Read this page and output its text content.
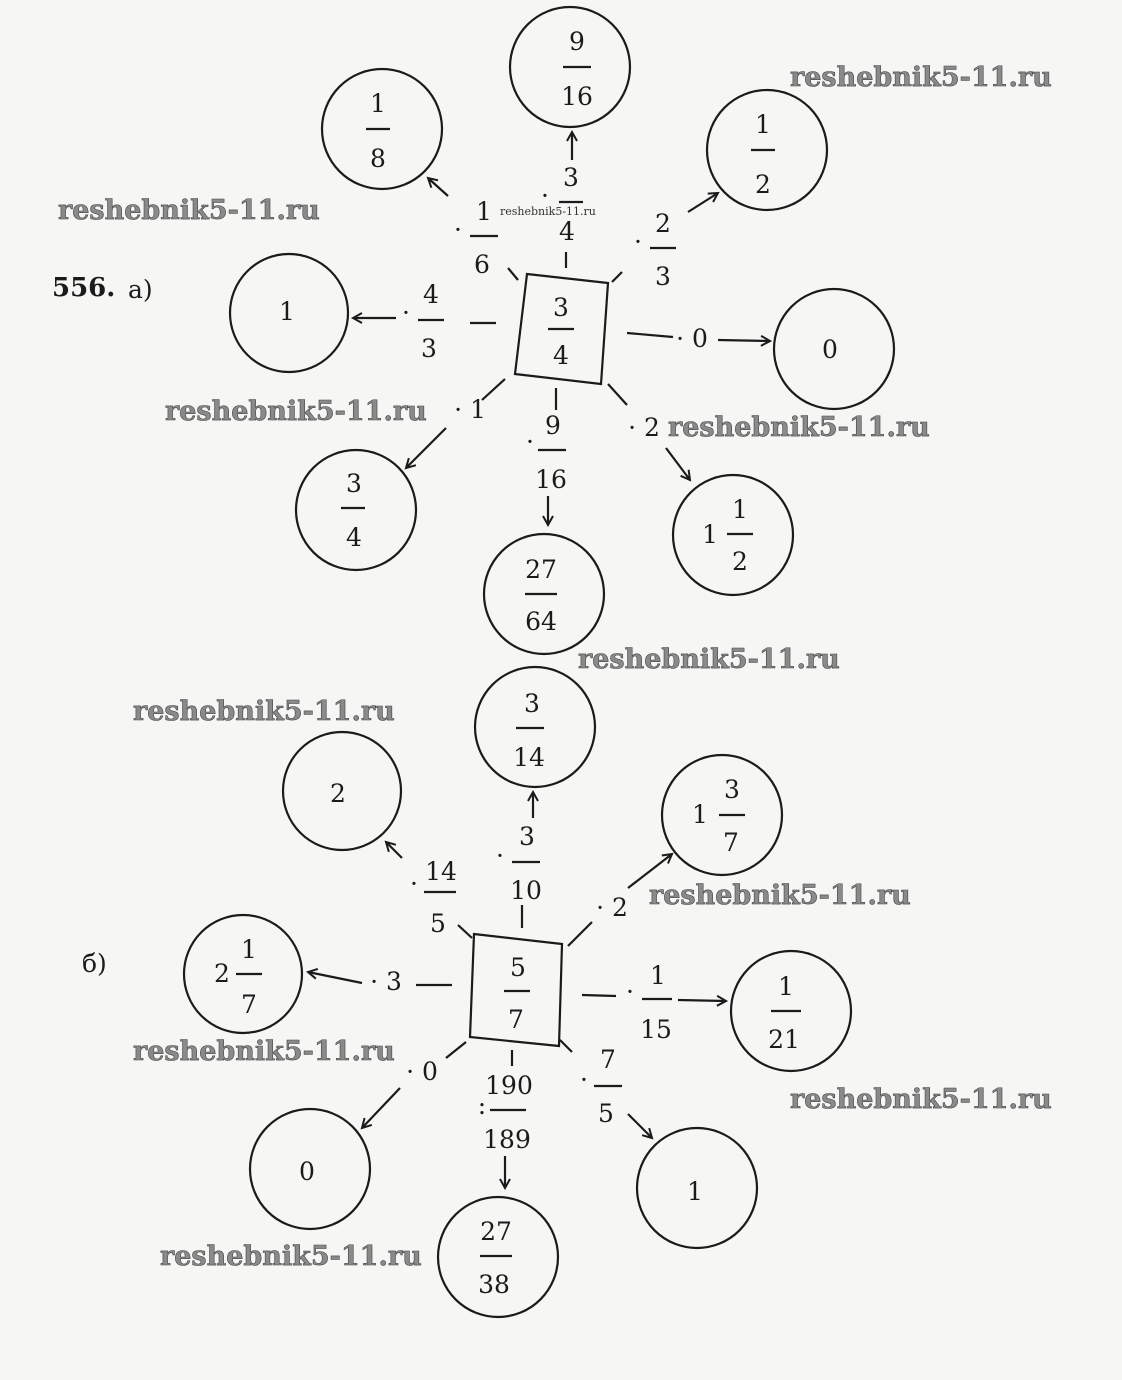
reshebnik5-11.ru
reshebnik5-11.ru	reshebnik5-11.ru
reshebnik5-11.ru
reshebnik5-11.ru
reshebnik5-11.ru
reshebnik5-11.ru
reshebnik5-11.ru
reshebnik5-11.ru
reshebnik5-11.ru
reshebnik5-11.ru
556. а)
б)
3
4
9
16
1
8
1
2
1
0
3
4
27
64
1
1
2
·
3
4
·
1
6
·
2
3
·
4
3	· 0
· 1
·
9
16
· 2
5
7
3
14
2
1
3
7
2
1
7
1
21
0
27
38
1
·
3
10
· 14
5
· 2
· 3	·
1
15
· 0 190
:
189
·
7
5
